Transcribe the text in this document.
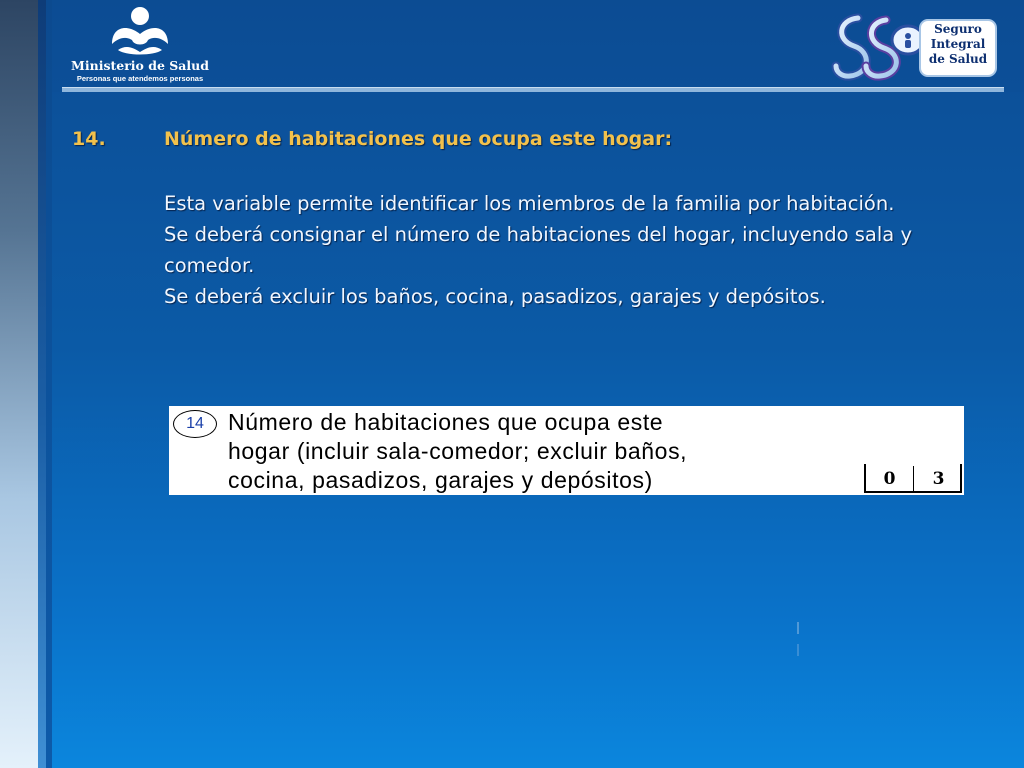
Ministerio de Salud
Personas que atendemos personas
Seguro
Integral
de Salud
14.	Número de habitaciones que ocupa este hogar:

Esta variable permite identificar los miembros de la familia por habitación.

Se deberá consignar el número de habitaciones del hogar, incluyendo sala y comedor.

Se deberá excluir los baños, cocina, pasadizos, garajes y depósitos.

14	Número de habitaciones que ocupa este
hogar (incluir sala-comedor; excluir baños,
cocina, pasadizos, garajes y depósitos)	0	3
